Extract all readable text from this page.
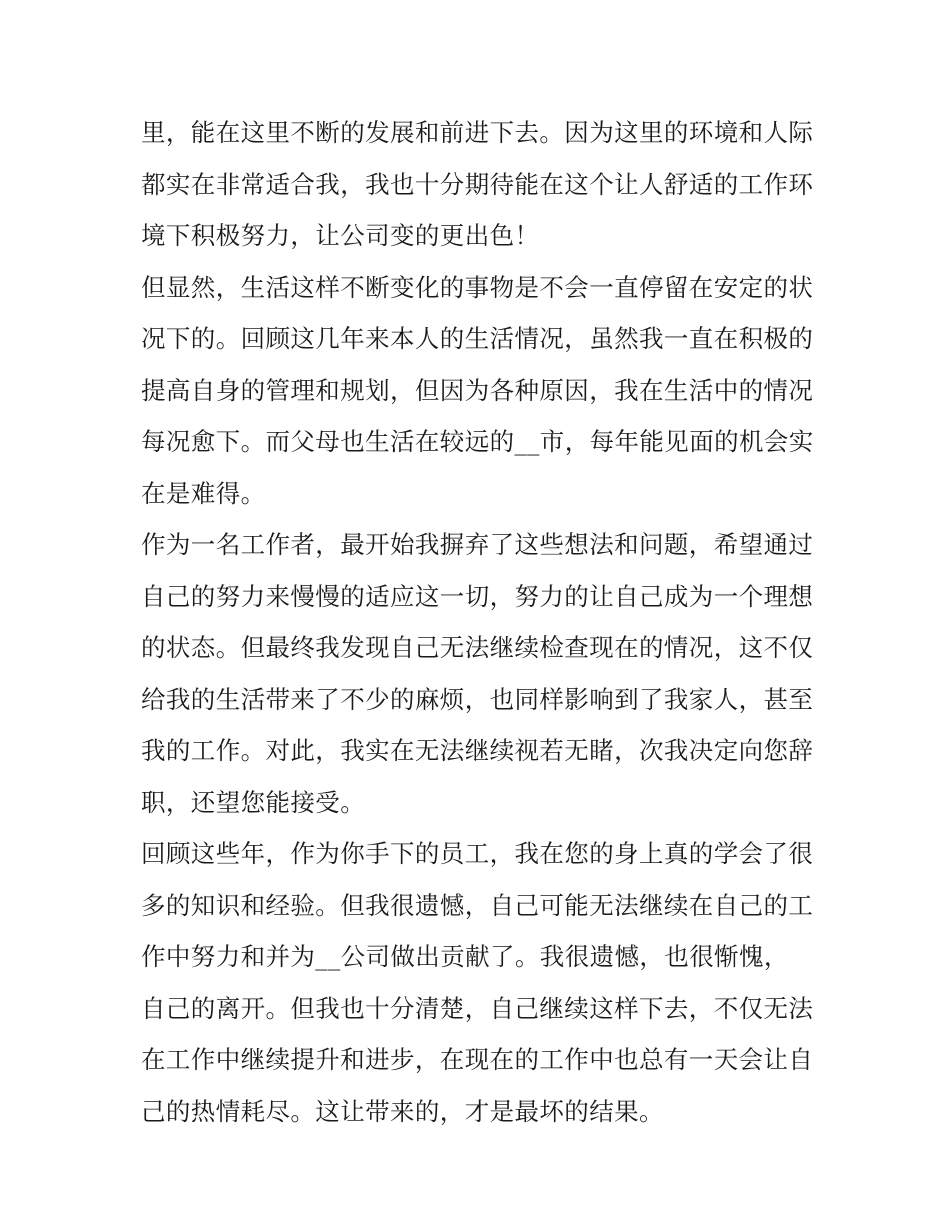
里，能在这里不断的发展和前进下去。因为这里的环境和人际
都实在非常适合我，我也十分期待能在这个让人舒适的工作环
境下积极努力，让公司变的更出色！
但显然，生活这样不断变化的事物是不会一直停留在安定的状
况下的。回顾这几年来本人的生活情况，虽然我一直在积极的
提高自身的管理和规划，但因为各种原因，我在生活中的情况
每况愈下。而父母也生活在较远的__市，每年能见面的机会实
在是难得。
作为一名工作者，最开始我摒弃了这些想法和问题，希望通过
自己的努力来慢慢的适应这一切，努力的让自己成为一个理想
的状态。但最终我发现自己无法继续检查现在的情况，这不仅
给我的生活带来了不少的麻烦，也同样影响到了我家人，甚至
我的工作。对此，我实在无法继续视若无睹，次我决定向您辞
职，还望您能接受。
回顾这些年，作为你手下的员工，我在您的身上真的学会了很
多的知识和经验。但我很遗憾，自己可能无法继续在自己的工
作中努力和并为__公司做出贡献了。我很遗憾，也很惭愧，
自己的离开。但我也十分清楚，自己继续这样下去，不仅无法
在工作中继续提升和进步，在现在的工作中也总有一天会让自
己的热情耗尽。这让带来的，才是最坏的结果。
